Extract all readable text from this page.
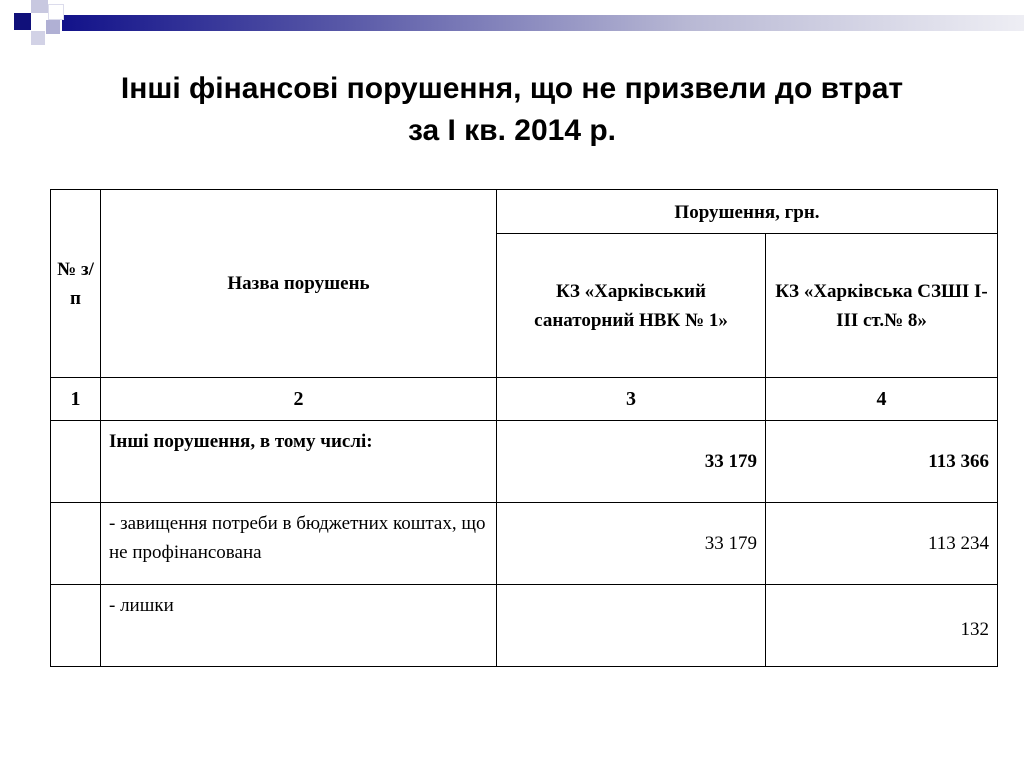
Інші фінансові порушення, що не призвели до втрат
за І кв. 2014 р.
№ з/ п	Назва порушень	Порушення, грн.	
		КЗ «Харківський санаторний НВК № 1»	КЗ «Харківська СЗШІ І-ІІІ ст.№ 8»
1	2	3	4
	Інші порушення, в тому числі:	33 179	113 366
	- завищення потреби в бюджетних коштах, що не профінансована	33 179	113 234
	- лишки		132
